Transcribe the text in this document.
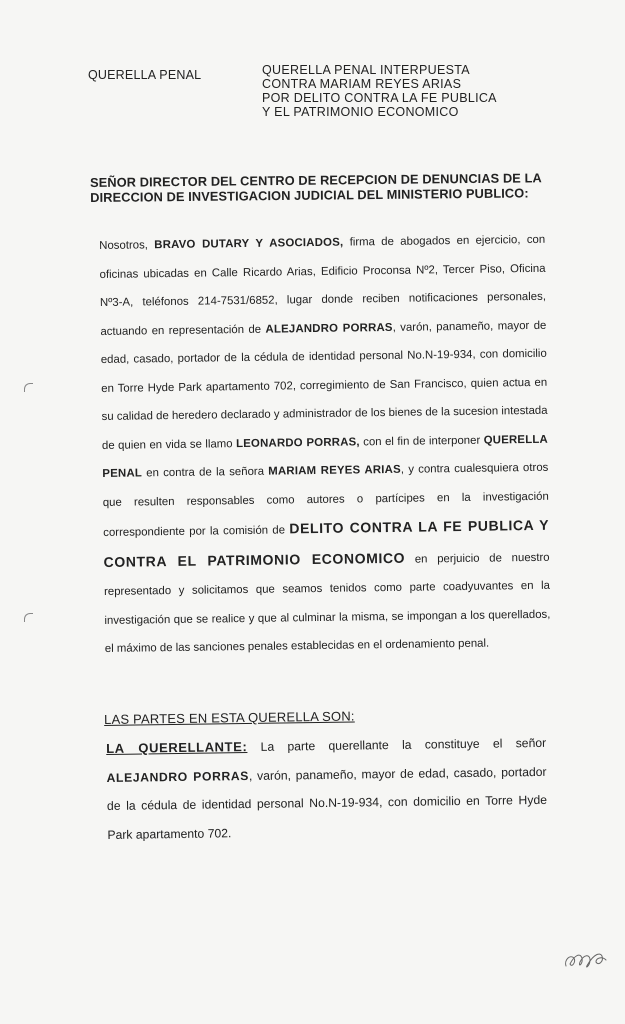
QUERELLA PENAL	QUERELLA PENAL INTERPUESTA
CONTRA MARIAM REYES ARIAS
POR DELITO CONTRA LA FE PUBLICA
Y EL PATRIMONIO ECONOMICO
SEÑOR DIRECTOR DEL CENTRO DE RECEPCION DE DENUNCIAS DE LA DIRECCION DE INVESTIGACION JUDICIAL DEL MINISTERIO PUBLICO:
Nosotros, BRAVO DUTARY Y ASOCIADOS, firma de abogados en ejercicio, con oficinas ubicadas en Calle Ricardo Arias, Edificio Proconsa Nº2, Tercer Piso, Oficina Nº3-A, teléfonos 214-7531/6852, lugar donde reciben notificaciones personales, actuando en representación de ALEJANDRO PORRAS, varón, panameño, mayor de edad, casado, portador de la cédula de identidad personal No.N-19-934, con domicilio en Torre Hyde Park apartamento 702, corregimiento de San Francisco, quien actua en su calidad de heredero declarado y administrador de los bienes de la sucesion intestada de quien en vida se llamo LEONARDO PORRAS, con el fin de interponer QUERELLA PENAL en contra de la señora MARIAM REYES ARIAS, y contra cualesquiera otros que resulten responsables como autores o partícipes en la investigación correspondiente por la comisión de DELITO CONTRA LA FE PUBLICA Y CONTRA EL PATRIMONIO ECONOMICO en perjuicio de nuestro representado y solicitamos que seamos tenidos como parte coadyuvantes en la investigación que se realice y que al culminar la misma, se impongan a los querellados, el máximo de las sanciones penales establecidas en el ordenamiento penal.
LAS PARTES EN ESTA QUERELLA SON:
LA QUERELLANTE: La parte querellante la constituye el señor ALEJANDRO PORRAS, varón, panameño, mayor de edad, casado, portador de la cédula de identidad personal No.N-19-934, con domicilio en Torre Hyde Park apartamento 702.
